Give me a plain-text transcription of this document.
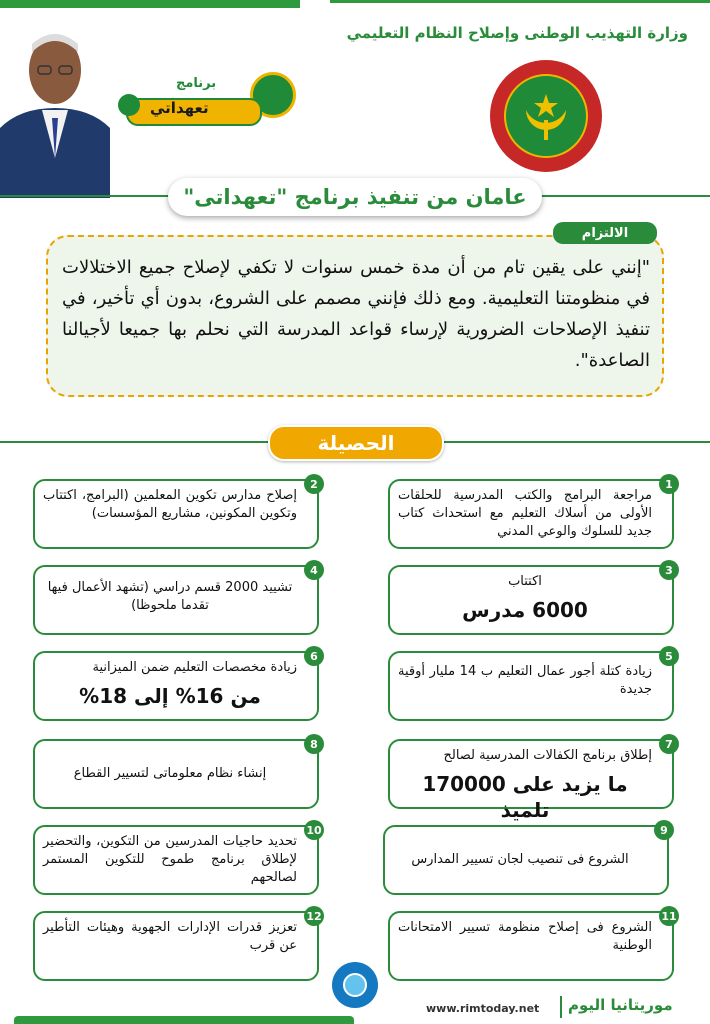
وزارة التهذيب الوطنى وإصلاح النظام التعليمي
برنامج
تعهداتي
عامان من تنفيذ برنامج "تعهداتى"
الالتزام
"إنني على يقين تام من أن مدة خمس سنوات لا تكفي لإصلاح جميع الاختلالات في منظومتنا التعليمية. ومع ذلك فإنني مصمم على الشروع، بدون أي تأخير، في تنفيذ الإصلاحات الضرورية لإرساء قواعد المدرسة التي نحلم بها جميعا لأجيالنا الصاعدة".
الحصيلة
1
مراجعة البرامج والكتب المدرسية للحلقات الأولى من أسلاك التعليم مع استحداث كتاب جديد للسلوك والوعي المدني
2
إصلاح مدارس تكوين المعلمين (البرامج، اكتتاب وتكوين المكونين، مشاريع المؤسسات)
3
اكتتاب
6000 مدرس
4
تشييد 2000 قسم دراسي (تشهد الأعمال فيها تقدما ملحوظا)
5
زيادة كتلة أجور عمال التعليم ب 14 مليار أوقية جديدة
6
زيادة مخصصات التعليم ضمن الميزانية
من 16% إلى 18%
7
إطلاق برنامج الكفالات المدرسية لصالح
ما يزيد على 170000 تلميذ
8
إنشاء نظام معلوماتى لتسيير القطاع
9
الشروع فى تنصيب لجان تسيير المدارس
10
تحديد حاجيات المدرسين من التكوين، والتحضير لإطلاق برنامج طموح للتكوين المستمر لصالحهم
11
الشروع فى إصلاح منظومة تسيير الامتحانات الوطنية
12
تعزيز قدرات الإدارات الجهوية وهيئات التأطير عن قرب
www.rimtoday.net موريتانيا اليوم
